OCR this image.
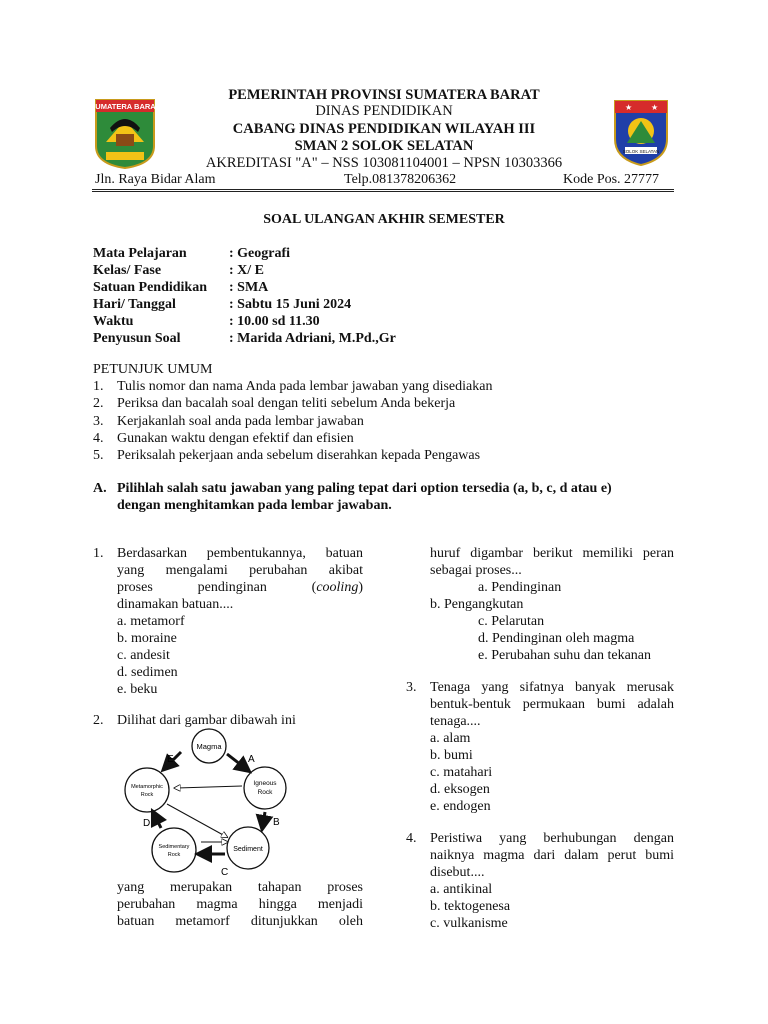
SUMATERA BARAT
SOLOK SELATAN
★ ★
PEMERINTAH PROVINSI SUMATERA BARAT
DINAS PENDIDIKAN
CABANG DINAS PENDIDIKAN WILAYAH III
SMAN 2 SOLOK SELATAN
AKREDITASI "A" – NSS 103081104001 – NPSN 10303366
Jln. Raya Bidar Alam	Telp.081378206362	Kode Pos. 27777
SOAL ULANGAN AKHIR SEMESTER
Mata Pelajaran	: Geografi
Kelas/ Fase	: X/ E
Satuan Pendidikan	: SMA
Hari/ Tanggal	: Sabtu 15 Juni 2024
Waktu	: 10.00 sd 11.30
Penyusun Soal	: Marida Adriani, M.Pd.,Gr
PETUNJUK UMUM
1. Tulis nomor dan nama Anda pada lembar jawaban yang disediakan
2. Periksa dan bacalah soal dengan teliti sebelum Anda bekerja
3. Kerjakanlah soal anda pada lembar jawaban
4. Gunakan waktu dengan efektif dan efisien
5. Periksalah pekerjaan anda sebelum diserahkan kepada Pengawas
A. Pilihlah salah satu jawaban yang paling tepat dari option tersedia (a, b, c, d atau e)
dengan menghitamkan pada lembar jawaban.
1. Berdasarkan pembentukannya, batuan
yang mengalami perubahan akibat
proses pendinginan (cooling)
dinamakan batuan....
a. metamorf
b. moraine
c. andesit
d. sedimen
e. beku
2. Dilihat dari gambar dibawah ini
Magma
Igneous
Rock
Metamorphic
Rock
Sedimentary
Rock
Sediment
A
B
C
D
E
yang merupakan tahapan proses
perubahan magma hingga menjadi
batuan metamorf ditunjukkan oleh
huruf digambar berikut memiliki peran
sebagai proses...
a. Pendinginan
b. Pengangkutan
c. Pelarutan
d. Pendinginan oleh magma
e. Perubahan suhu dan tekanan
3. Tenaga yang sifatnya banyak merusak
bentuk-bentuk permukaan bumi adalah
tenaga....
a. alam
b. bumi
c. matahari
d. eksogen
e. endogen
4. Peristiwa yang berhubungan dengan
naiknya magma dari dalam perut bumi
disebut....
a. antikinal
b. tektogenesa
c. vulkanisme
